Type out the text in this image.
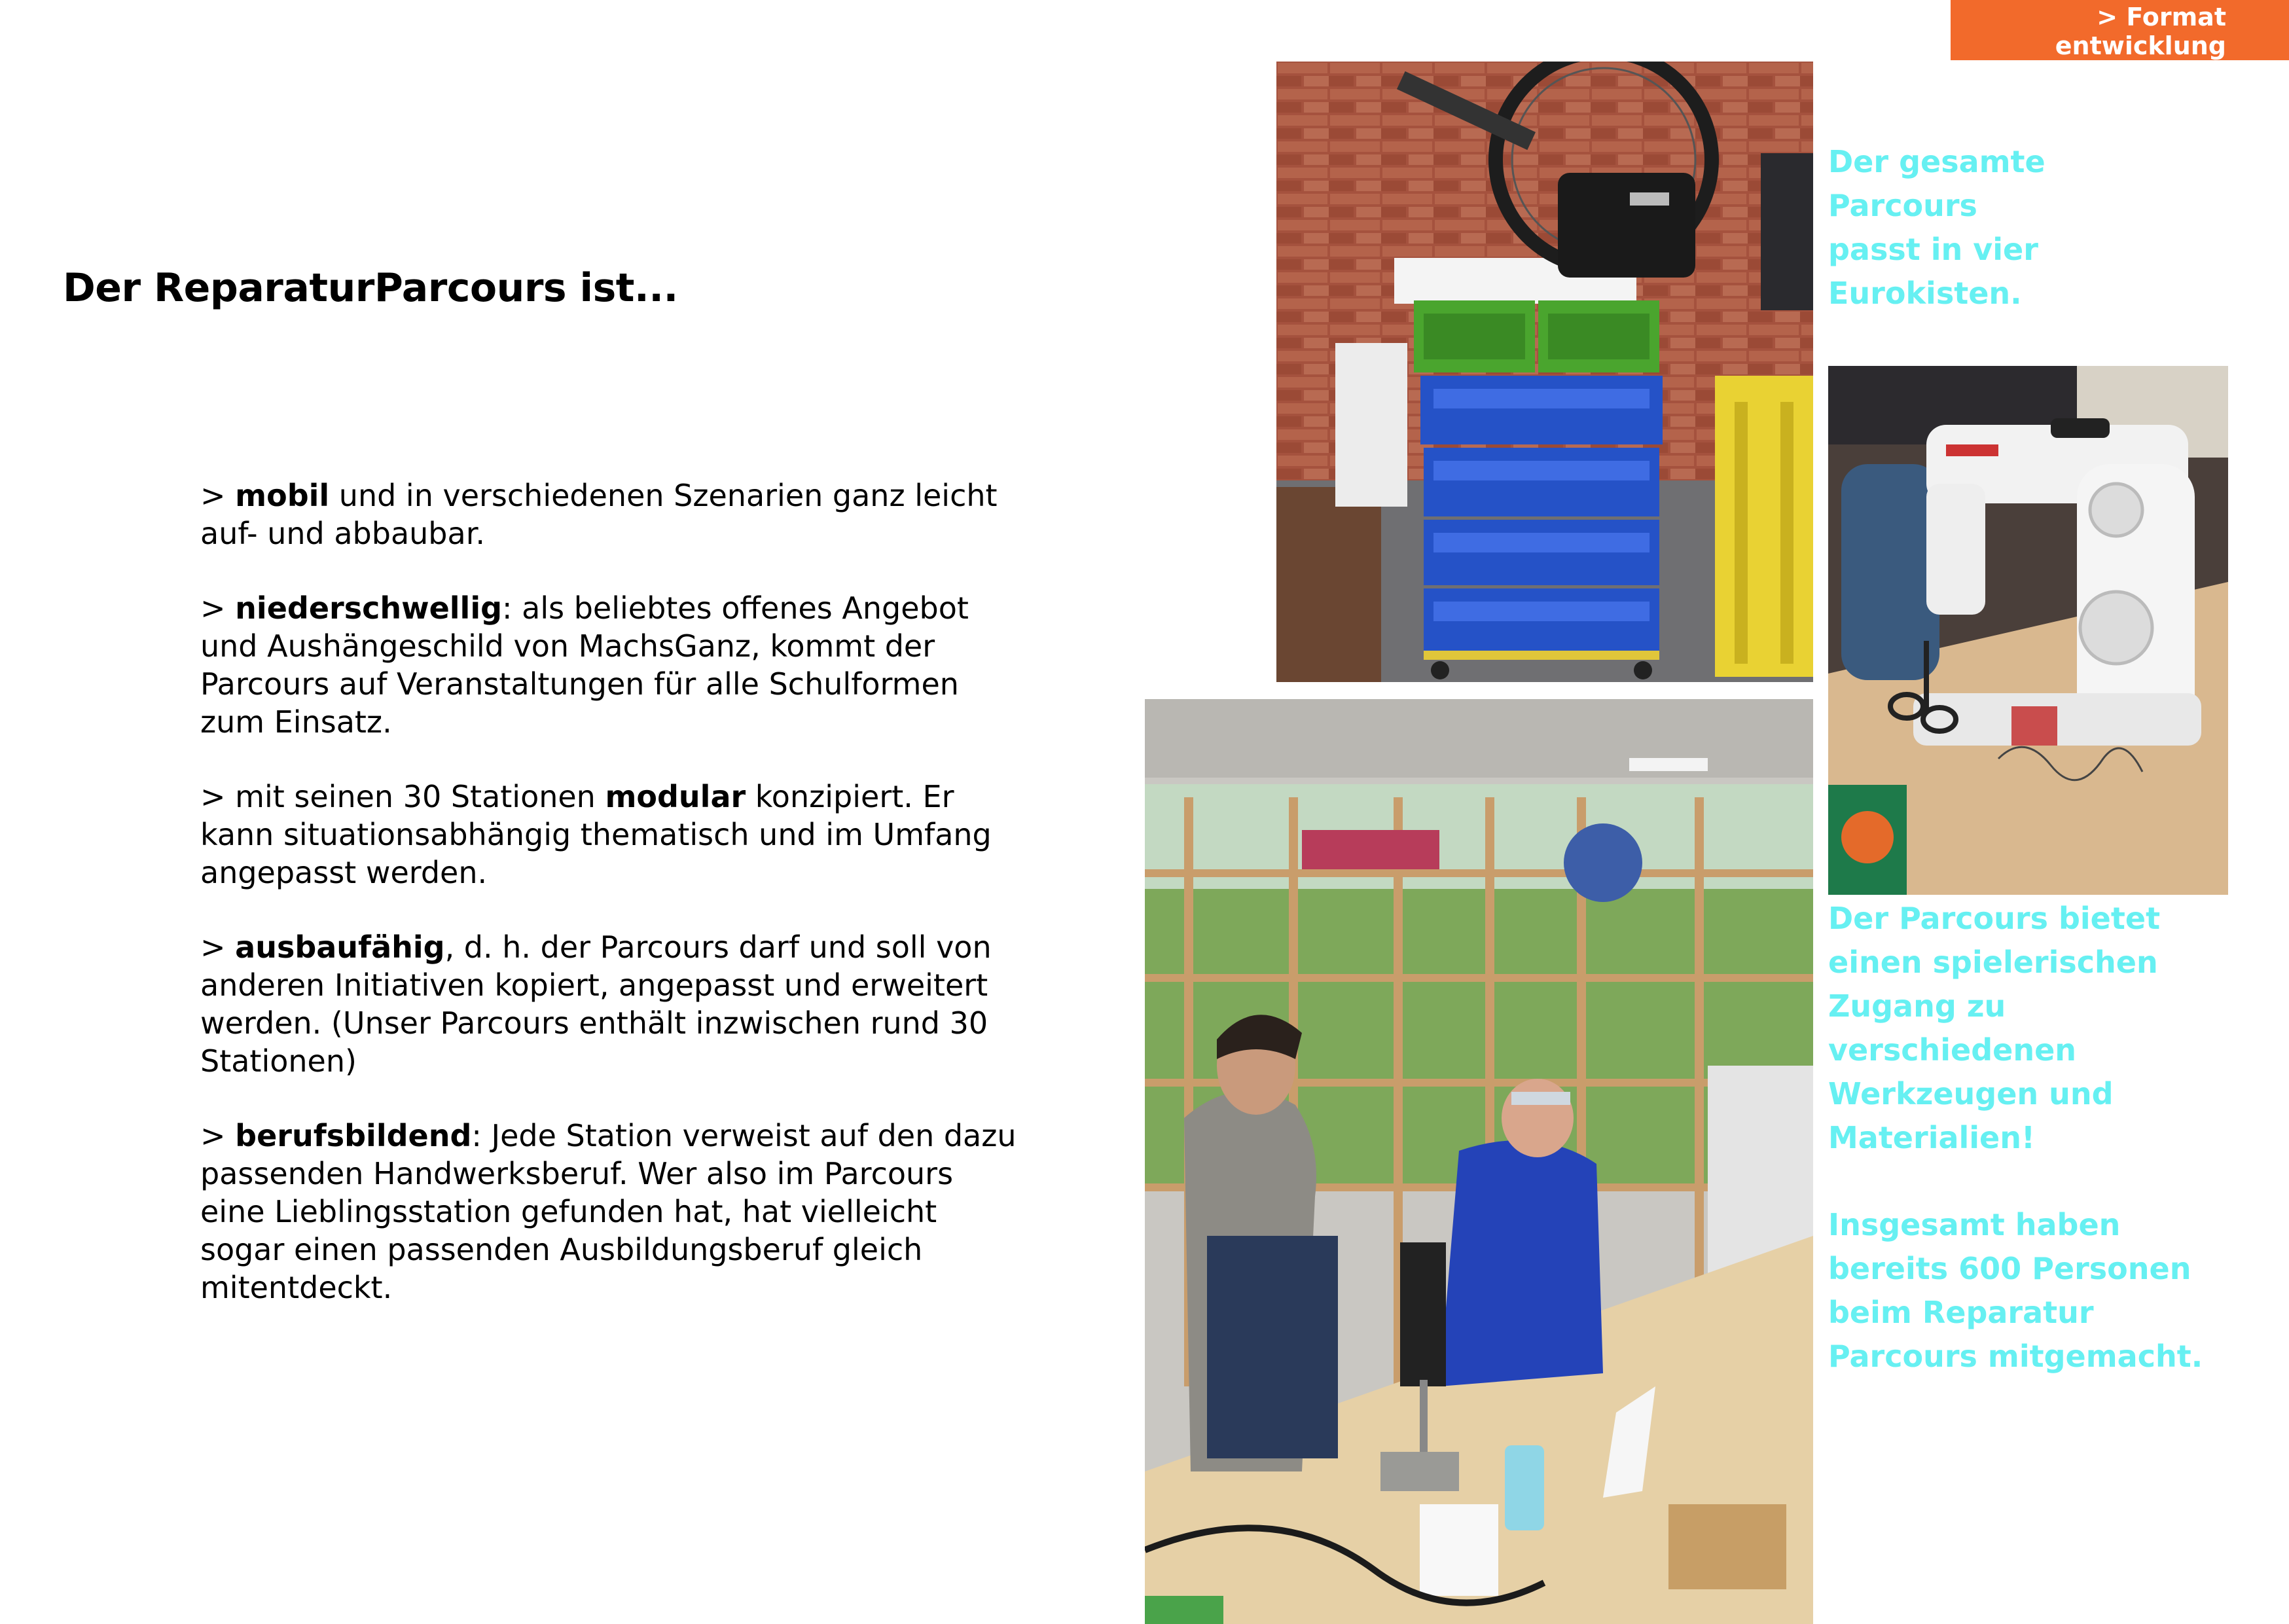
> Format
entwicklung
Der ReparaturParcours ist...

> mobil und in verschiedenen Szenarien ganz leicht auf- und abbaubar.

> niederschwellig: als beliebtes offenes Angebot und Aushängeschild von MachsGanz, kommt der Parcours auf Veranstaltungen für alle Schulformen zum Einsatz.

> mit seinen 30 Stationen modular konzipiert. Er kann situationsabhängig thematisch und im Umfang angepasst werden.

> ausbaufähig, d. h. der Parcours darf und soll von anderen Initiativen kopiert, angepasst und erweitert werden. (Unser Parcours enthält inzwischen rund 30 Stationen)

> berufsbildend: Jede Station verweist auf den dazu passenden Handwerksberuf. Wer also im Parcours eine Lieblingsstation gefunden hat, hat vielleicht sogar einen passenden Ausbildungsberuf gleich mitentdeckt.

Der gesamte Parcours passt in vier Eurokisten.

Der Parcours bietet einen spielerischen Zugang zu verschiedenen Werkzeugen und Materialien!

Insgesamt haben bereits 600 Personen beim Reparatur Parcours mitgemacht.
